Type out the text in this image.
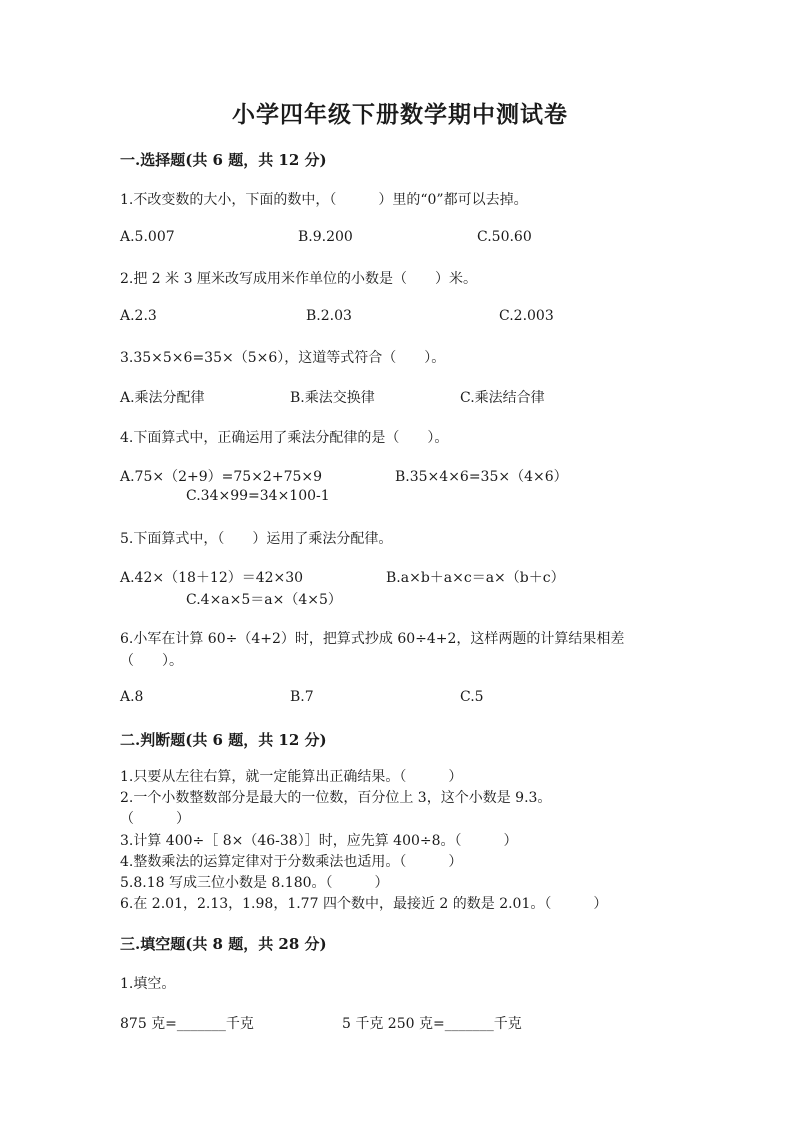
小学四年级下册数学期中测试卷
一.选择题(共 6 题，共 12 分)
1.不改变数的大小，下面的数中，（　　　）里的“0”都可以去掉。
A.5.007	B.9.200	C.50.60
2.把 2 米 3 厘米改写成用米作单位的小数是（　　）米。
A.2.3	B.2.03	C.2.003
3.35×5×6=35×（5×6），这道等式符合（　　）。
A.乘法分配律	B.乘法交换律	C.乘法结合律
4.下面算式中，正确运用了乘法分配律的是（　　）。
A.75×（2+9）=75×2+75×9	B.35×4×6=35×（4×6）
C.34×99=34×100-1
5.下面算式中，（　　）运用了乘法分配律。
A.42×（18＋12）＝42×30	B.a×b＋a×c＝a×（b＋c）
C.4×a×5＝a×（4×5）
6.小军在计算 60÷（4+2）时，把算式抄成 60÷4+2，这样两题的计算结果相差
（　　）。
A.8	B.7	C.5
二.判断题(共 6 题，共 12 分)
1.只要从左往右算，就一定能算出正确结果。（　　　）
2.一个小数整数部分是最大的一位数，百分位上 3，这个小数是 9.3。
（　　　）
3.计算 400÷［ 8×（46-38）］时，应先算 400÷8。（　　　）
4.整数乘法的运算定律对于分数乘法也适用。（　　　）
5.8.18 写成三位小数是 8.180。（　　　）
6.在 2.01，2.13，1.98，1.77 四个数中，最接近 2 的数是 2.01。（　　　）
三.填空题(共 8 题，共 28 分)
1.填空。
875 克=_______千克	5 千克 250 克=_______千克
